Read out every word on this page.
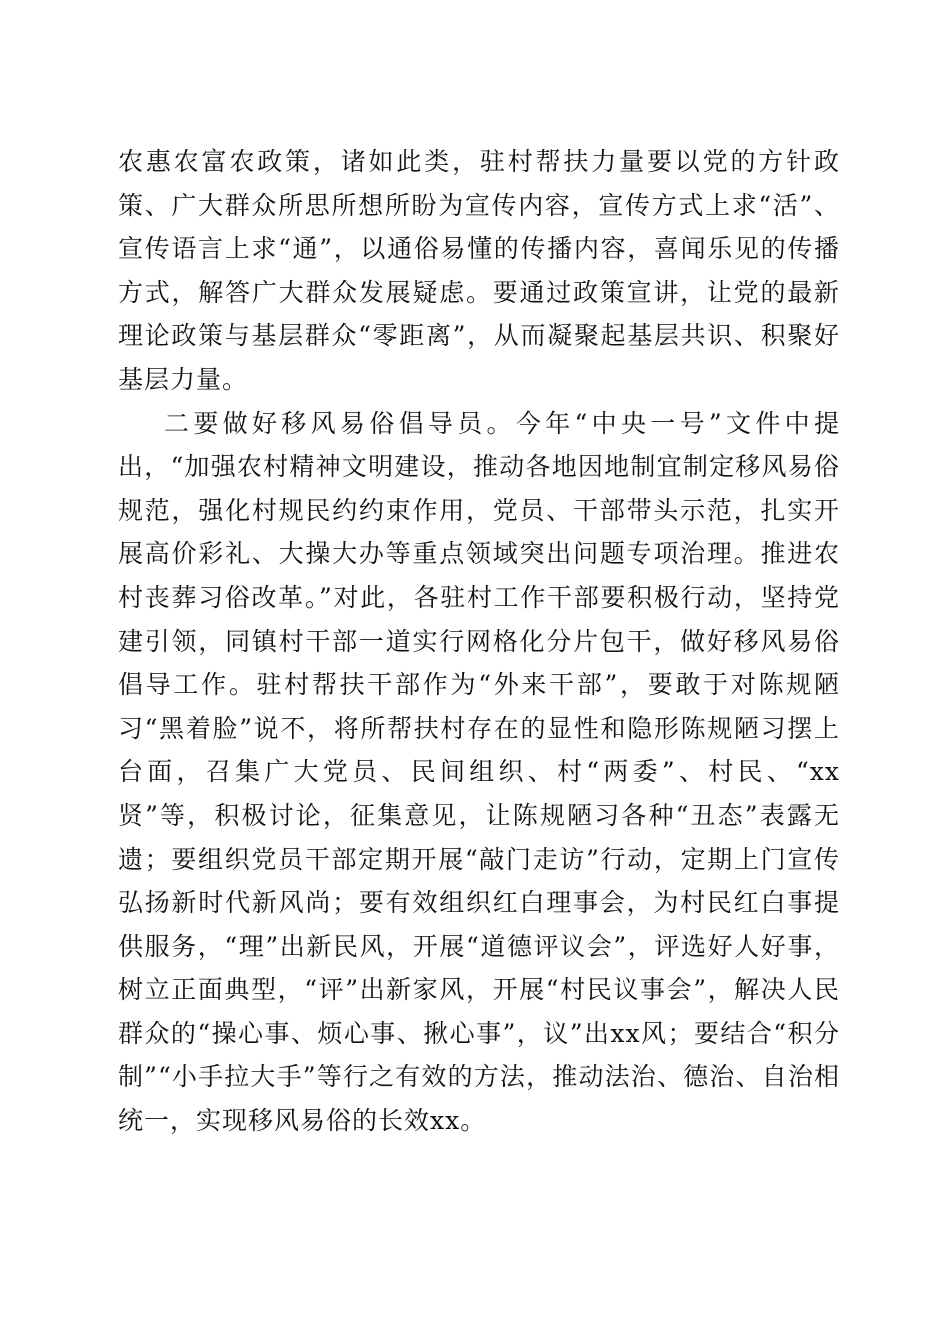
农惠农富农政策，诸如此类，驻村帮扶力量要以党的方针政策、广大群众所思所想所盼为宣传内容，宣传方式上求“活”、宣传语言上求“通”，以通俗易懂的传播内容，喜闻乐见的传播方式，解答广大群众发展疑虑。要通过政策宣讲，让党的最新理论政策与基层群众“零距离”，从而凝聚起基层共识、积聚好基层力量。

二要做好移风易俗倡导员。今年“中央一号”文件中提出，“加强农村精神文明建设，推动各地因地制宜制定移风易俗规范，强化村规民约约束作用，党员、干部带头示范，扎实开展高价彩礼、大操大办等重点领域突出问题专项治理。推进农村丧葬习俗改革。”对此，各驻村工作干部要积极行动，坚持党建引领，同镇村干部一道实行网格化分片包干，做好移风易俗倡导工作。驻村帮扶干部作为“外来干部”，要敢于对陈规陋习“黑着脸”说不，将所帮扶村存在的显性和隐形陈规陋习摆上台面，召集广大党员、民间组织、村“两委”、村民、“xx贤”等，积极讨论，征集意见，让陈规陋习各种“丑态”表露无遗；要组织党员干部定期开展“敲门走访”行动，定期上门宣传弘扬新时代新风尚；要有效组织红白理事会，为村民红白事提供服务，“理”出新民风，开展“道德评议会”，评选好人好事，树立正面典型，“评”出新家风，开展“村民议事会”，解决人民群众的“操心事、烦心事、揪心事”，议”出xx风；要结合“积分制”“小手拉大手”等行之有效的方法，推动法治、德治、自治相统一，实现移风易俗的长效xx。
